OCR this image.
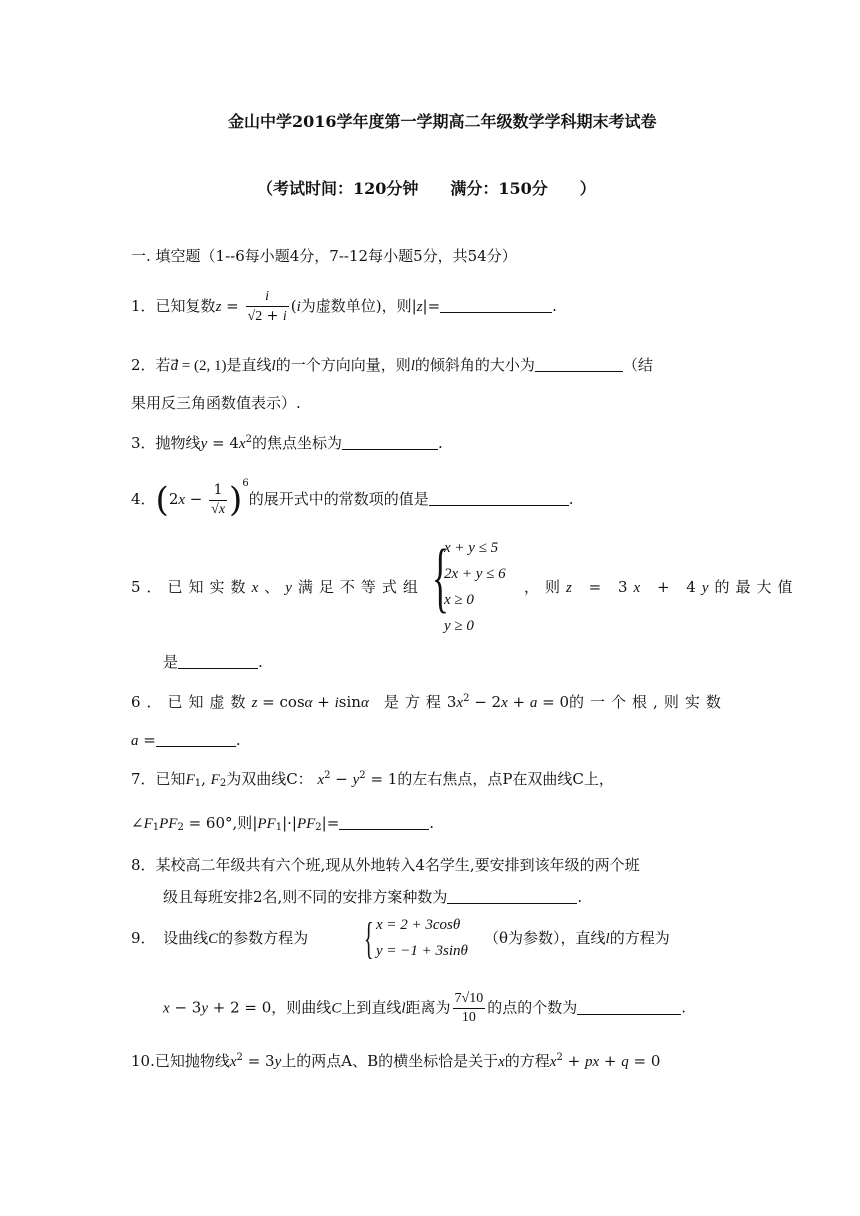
金山中学2016学年度第一学期高二年级数学学科期末考试卷
（考试时间：120分钟　　满分：150分　　）
一. 填空题（1--6每小题4分，7--12每小题5分，共54分）
1．已知复数$z = \frac{i}{√2 + i} (i$为虚数单位)，则|z|=	.
2．若d⃗ = (2, 1)是直线l的一个方向向量，则l的倾斜角的大小为	（结
果用反三角函数值表示）.
3．抛物线$y = 4x^2$的焦点坐标为	.
4．$(2x - \frac{1}{√x} )^6$的展开式中的常数项的值是	.
5．已知实数x、y满足不等式组 {
x + y ≤ 5
2x + y ≤ 6
x ≥ 0
y ≥ 0
，则z = 3x + 4y的最大值
是	.
6．已知虚数z = cosα + isinα　 是方程$3x^2 - 2x + a = 0$的一个根,则实数
a =	.
7．已知$F_1$, $F_2$为双曲线C： $x^2 - y^2 = 1$的左右焦点，点P在双曲线C上，
$\angle F_1PF_2 = 60^\circ$,则$|PF_1|\cdot|PF_2|=$	.
8．某校高二年级共有六个班,现从外地转入4名学生,要安排到该年级的两个班
级且每班安排2名,则不同的安排方案种数为	.
9．　 设曲线C的参数方程为 { x = 2 + 3cosθ
y = −1 + 3sinθ
（θ为参数），直线l的方程为
x − 3y + 2 = 0，则曲线C上到直线l距离为 $\frac{7√10}{10}$ 的点的个数为	.
10.已知抛物线$x^2 = 3y$上的两点A、B的横坐标恰是关于x的方程$x^2$ + px + q = 0
